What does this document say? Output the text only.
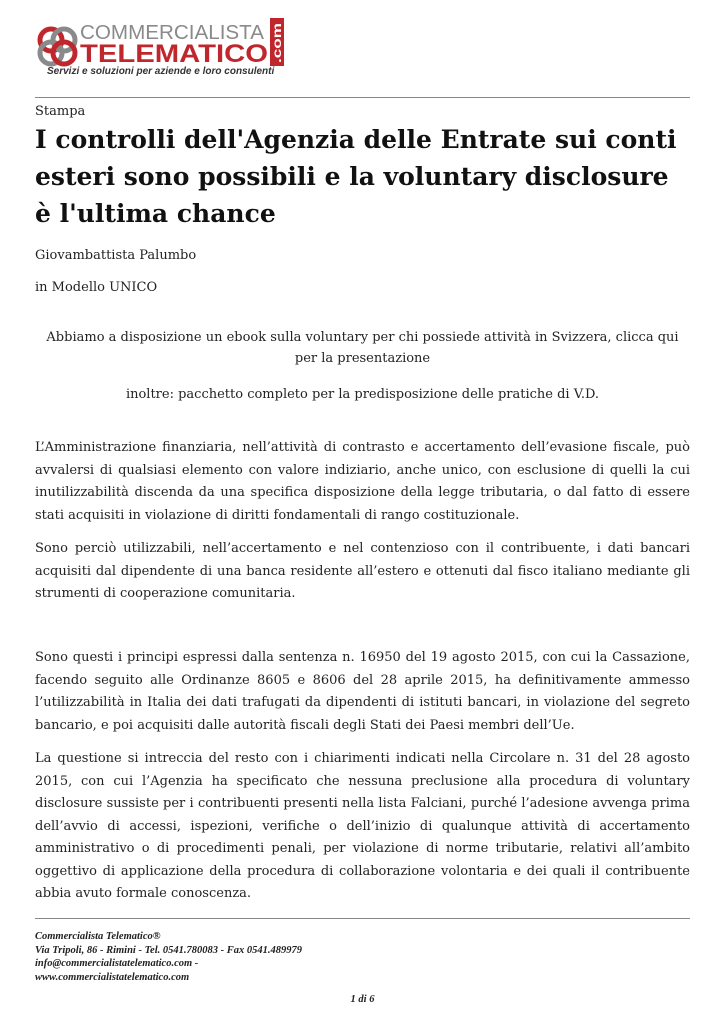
COMMERCIALISTA
TELEMATICO .com
Servizi e soluzioni per aziende e loro consulenti
Stampa
I controlli dell'Agenzia delle Entrate sui conti esteri sono possibili e la voluntary disclosure è l'ultima chance
Giovambattista Palumbo
in Modello UNICO
Abbiamo a disposizione un ebook sulla voluntary per chi possiede attività in Svizzera, clicca qui per la presentazione
inoltre: pacchetto completo per la predisposizione delle pratiche di V.D.
L’Amministrazione finanziaria, nell’attività di contrasto e accertamento dell’evasione fiscale, può avvalersi di qualsiasi elemento con valore indiziario, anche unico, con esclusione di quelli la cui inutilizzabilità discenda da una specifica disposizione della legge tributaria, o dal fatto di essere stati acquisiti in violazione di diritti fondamentali di rango costituzionale.
Sono perciò utilizzabili, nell’accertamento e nel contenzioso con il contribuente, i dati bancari acquisiti dal dipendente di una banca residente all’estero e ottenuti dal fisco italiano mediante gli strumenti di cooperazione comunitaria.
Sono questi i principi espressi dalla sentenza n. 16950 del 19 agosto 2015, con cui la Cassazione, facendo seguito alle Ordinanze 8605 e 8606 del 28 aprile 2015, ha definitivamente ammesso l’utilizzabilità in Italia dei dati trafugati da dipendenti di istituti bancari, in violazione del segreto bancario, e poi acquisiti dalle autorità fiscali degli Stati dei Paesi membri dell’Ue.
La questione si intreccia del resto con i chiarimenti indicati nella Circolare n. 31 del 28 agosto 2015, con cui l’Agenzia ha specificato che nessuna preclusione alla procedura di voluntary disclosure sussiste per i contribuenti presenti nella lista Falciani, purché l’adesione avvenga prima dell’avvio di accessi, ispezioni, verifiche o dell’inizio di qualunque attività di accertamento amministrativo o di procedimenti penali, per violazione di norme tributarie, relativi all’ambito oggettivo di applicazione della procedura di collaborazione volontaria e dei quali il contribuente abbia avuto formale conoscenza.
Commercialista Telematico®
Via Tripoli, 86 - Rimini - Tel. 0541.780083 - Fax 0541.489979
info@commercialistatelematico.com -
www.commercialistatelematico.com
1 di 6
